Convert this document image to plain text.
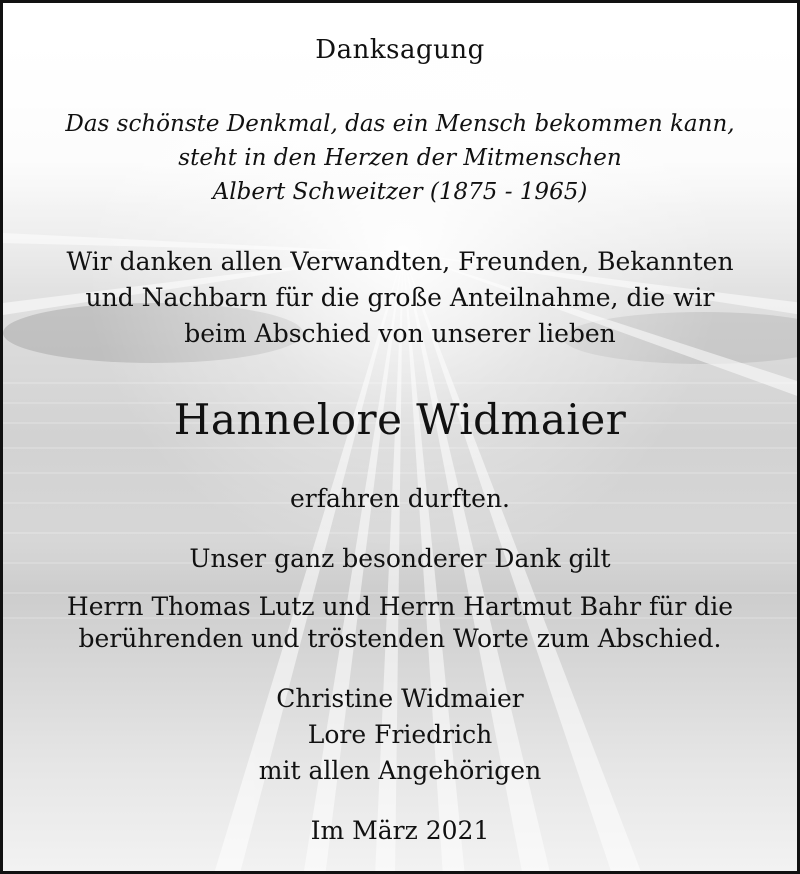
Danksagung
Das schönste Denkmal, das ein Mensch bekommen kann,
steht in den Herzen der Mitmenschen
Albert Schweitzer (1875 - 1965)
Wir danken allen Verwandten, Freunden, Bekannten
und Nachbarn für die große Anteilnahme, die wir
beim Abschied von unserer lieben
Hannelore Widmaier
erfahren durften.
Unser ganz besonderer Dank gilt
Herrn Thomas Lutz und Herrn Hartmut Bahr für die
berührenden und tröstenden Worte zum Abschied.
Christine Widmaier
Lore Friedrich
mit allen Angehörigen
Im März 2021
